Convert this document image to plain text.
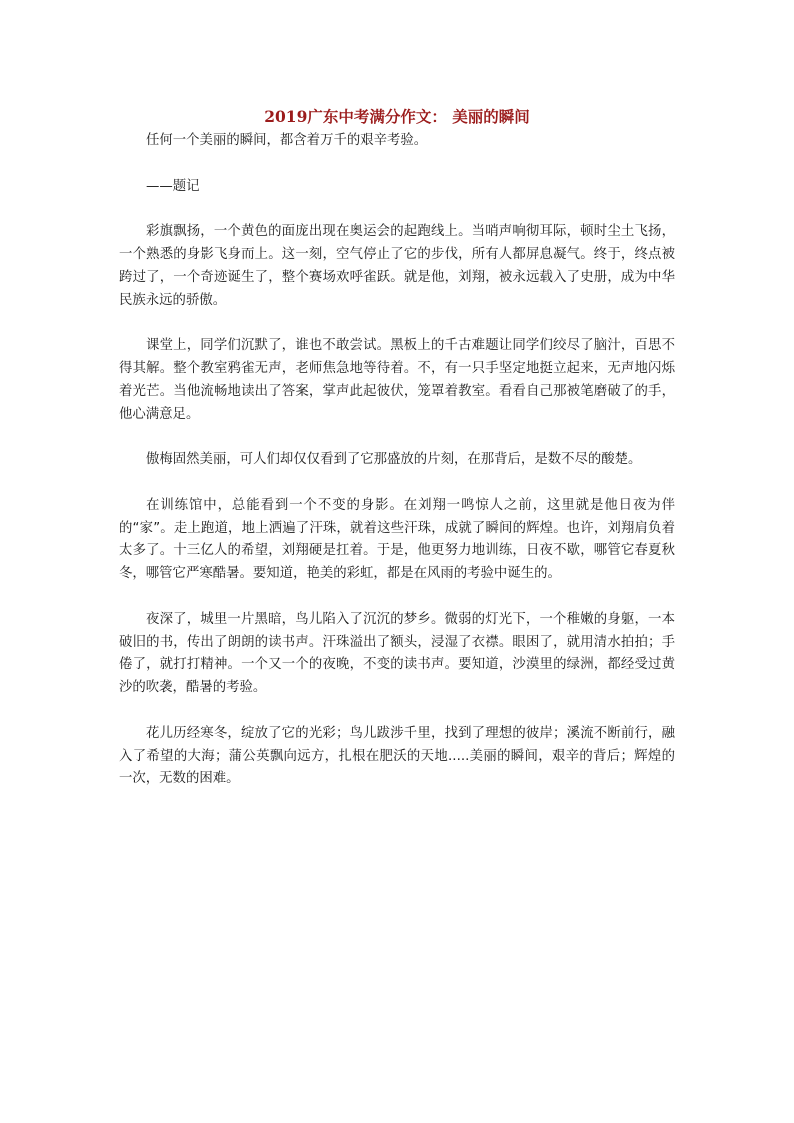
2019广东中考满分作文： 美丽的瞬间

任何一个美丽的瞬间，都含着万千的艰辛考验。

——题记

彩旗飘扬，一个黄色的面庞出现在奥运会的起跑线上。当哨声响彻耳际，顿时尘土飞扬，一个熟悉的身影飞身而上。这一刻，空气停止了它的步伐，所有人都屏息凝气。终于，终点被跨过了，一个奇迹诞生了，整个赛场欢呼雀跃。就是他，刘翔，被永远载入了史册，成为中华民族永远的骄傲。

课堂上，同学们沉默了，谁也不敢尝试。黑板上的千古难题让同学们绞尽了脑汁，百思不得其解。整个教室鸦雀无声，老师焦急地等待着。不，有一只手坚定地挺立起来，无声地闪烁着光芒。当他流畅地读出了答案，掌声此起彼伏，笼罩着教室。看看自己那被笔磨破了的手，他心满意足。

傲梅固然美丽，可人们却仅仅看到了它那盛放的片刻，在那背后，是数不尽的酸楚。

在训练馆中，总能看到一个不变的身影。在刘翔一鸣惊人之前，这里就是他日夜为伴的“家”。走上跑道，地上洒遍了汗珠，就着这些汗珠，成就了瞬间的辉煌。也许，刘翔肩负着太多了。十三亿人的希望，刘翔硬是扛着。于是，他更努力地训练，日夜不歇，哪管它春夏秋冬，哪管它严寒酷暑。要知道，艳美的彩虹，都是在风雨的考验中诞生的。

夜深了，城里一片黑暗，鸟儿陷入了沉沉的梦乡。微弱的灯光下，一个稚嫩的身躯，一本破旧的书，传出了朗朗的读书声。汗珠溢出了额头，浸湿了衣襟。眼困了，就用清水拍拍；手倦了，就打打精神。一个又一个的夜晚，不变的读书声。要知道，沙漠里的绿洲，都经受过黄沙的吹袭，酷暑的考验。

花儿历经寒冬，绽放了它的光彩；鸟儿跋涉千里，找到了理想的彼岸；溪流不断前行，融入了希望的大海；蒲公英飘向远方，扎根在肥沃的天地.....美丽的瞬间，艰辛的背后；辉煌的一次，无数的困难。
